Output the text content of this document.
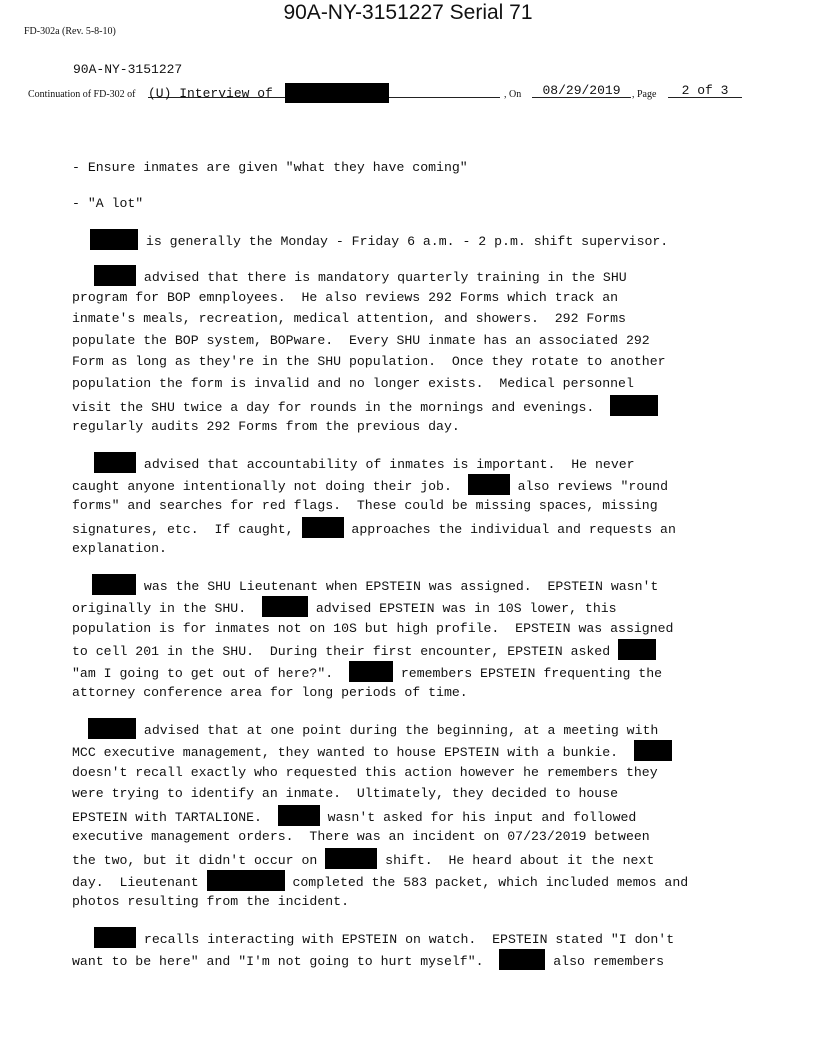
90A-NY-3151227 Serial 71
FD-302a (Rev. 5-8-10)
90A-NY-3151227
Continuation of FD-302 of (U) Interview of	, On	08/29/2019	, Page	2 of 3
- Ensure inmates are given "what they have coming"
- "A lot"
is generally the Monday - Friday 6 a.m. - 2 p.m. shift supervisor.
advised that there is mandatory quarterly training in the SHU
program for BOP emnployees.  He also reviews 292 Forms which track an
inmate's meals, recreation, medical attention, and showers.  292 Forms
populate the BOP system, BOPware.  Every SHU inmate has an associated 292
Form as long as they're in the SHU population.  Once they rotate to another
population the form is invalid and no longer exists.  Medical personnel
visit the SHU twice a day for rounds in the mornings and evenings.
regularly audits 292 Forms from the previous day.
advised that accountability of inmates is important.  He never
caught anyone intentionally not doing their job.	also reviews "round
forms" and searches for red flags.  These could be missing spaces, missing
signatures, etc.  If caught,	approaches the individual and requests an
explanation.
was the SHU Lieutenant when EPSTEIN was assigned.  EPSTEIN wasn't
originally in the SHU.	advised EPSTEIN was in 10S lower, this
population is for inmates not on 10S but high profile.  EPSTEIN was assigned
to cell 201 in the SHU.  During their first encounter, EPSTEIN asked
"am I going to get out of here?".	remembers EPSTEIN frequenting the
attorney conference area for long periods of time.
advised that at one point during the beginning, at a meeting with
MCC executive management, they wanted to house EPSTEIN with a bunkie.
doesn't recall exactly who requested this action however he remembers they
were trying to identify an inmate.  Ultimately, they decided to house
EPSTEIN with TARTALIONE.	wasn't asked for his input and followed
executive management orders.  There was an incident on 07/23/2019 between
the two, but it didn't occur on	shift.  He heard about it the next
day.  Lieutenant	completed the 583 packet, which included memos and
photos resulting from the incident.
recalls interacting with EPSTEIN on watch.  EPSTEIN stated "I don't
want to be here" and "I'm not going to hurt myself".	also remembers
